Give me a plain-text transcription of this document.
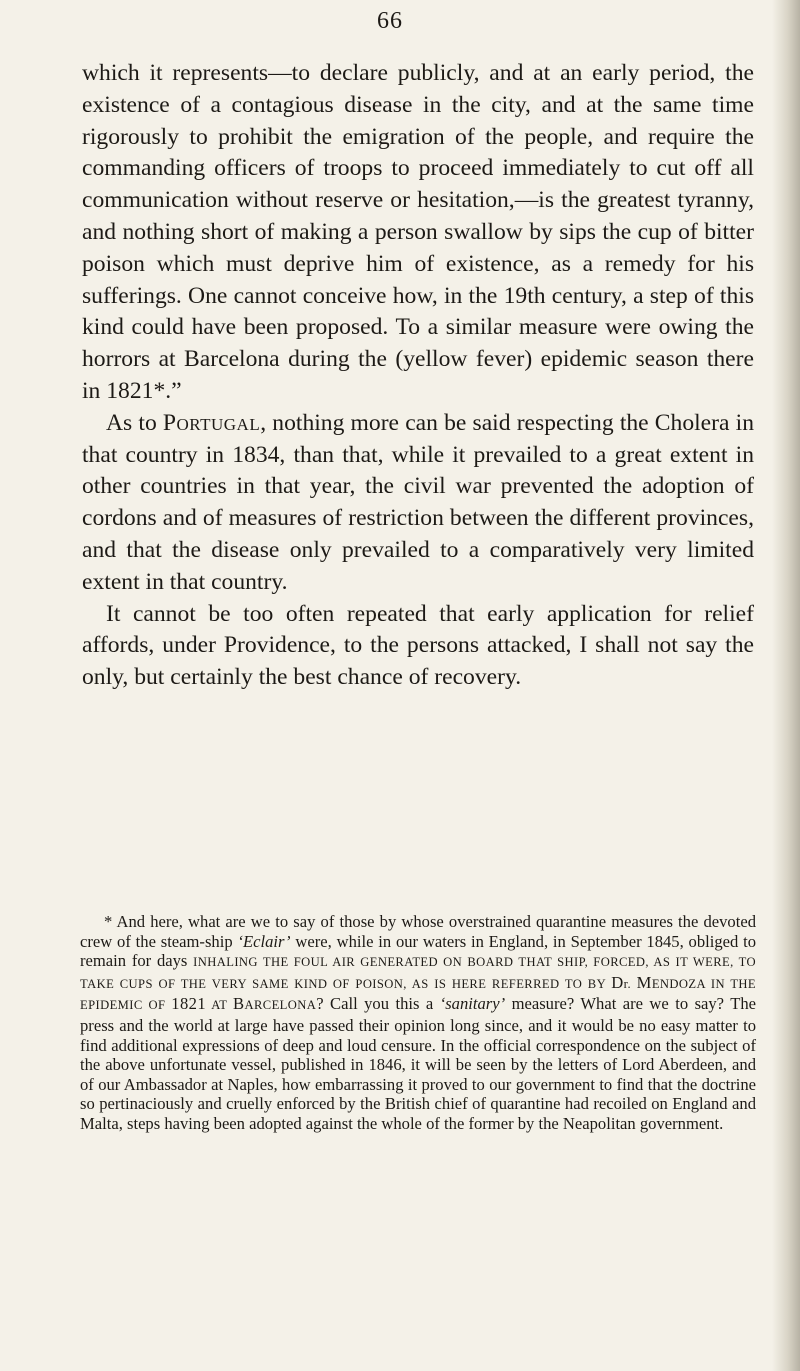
66

which it represents—to declare publicly, and at an early period, the existence of a contagious disease in the city, and at the same time rigorously to prohibit the emigration of the people, and require the commanding officers of troops to proceed immediately to cut off all communication without reserve or hesitation,—is the greatest tyranny, and nothing short of making a person swallow by sips the cup of bitter poison which must deprive him of existence, as a remedy for his sufferings. One cannot conceive how, in the 19th century, a step of this kind could have been proposed. To a similar measure were owing the horrors at Barcelona during the (yellow fever) epidemic season there in 1821*.”

As to Portugal, nothing more can be said respecting the Cholera in that country in 1834, than that, while it prevailed to a great extent in other countries in that year, the civil war prevented the adoption of cordons and of measures of restriction between the different provinces, and that the disease only prevailed to a comparatively very limited extent in that country.

It cannot be too often repeated that early application for relief affords, under Providence, to the persons attacked, I shall not say the only, but certainly the best chance of recovery.

* And here, what are we to say of those by whose overstrained quarantine measures the devoted crew of the steam-ship ‘Eclair’ were, while in our waters in England, in September 1845, obliged to remain for days INHALING THE FOUL AIR GENERATED ON BOARD THAT SHIP, FORCED, AS IT WERE, TO TAKE CUPS OF THE VERY SAME KIND OF POISON, AS IS HERE REFERRED TO BY Dr. MENDOZA IN THE EPIDEMIC OF 1821 AT BARCELONA? Call you this a ‘sanitary’ measure? What are we to say? The press and the world at large have passed their opinion long since, and it would be no easy matter to find additional expressions of deep and loud censure. In the official correspondence on the subject of the above unfortunate vessel, published in 1846, it will be seen by the letters of Lord Aberdeen, and of our Ambassador at Naples, how embarrassing it proved to our government to find that the doctrine so pertinaciously and cruelly enforced by the British chief of quarantine had recoiled on England and Malta, steps having been adopted against the whole of the former by the Neapolitan government.
